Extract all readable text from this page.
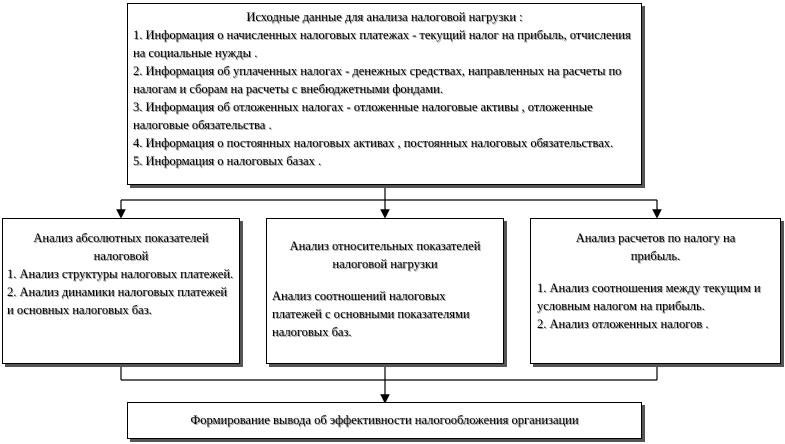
Исходные данные для анализа налоговой нагрузки :

1. Информация о начисленных налоговых платежах - текущий налог на прибыль, отчисления на социальные нужды .

2. Информация об уплаченных налогах - денежных средствах, направленных на расчеты по налогам и сборам на расчеты с внебюджетными фондами.

3. Информация об отложенных налогах - отложенные налоговые активы , отложенные налоговые обязательства .

4. Информация о постоянных налоговых активах , постоянных налоговых обязательствах.

5. Информация о налоговых базах .

Анализ абсолютных показателей налоговой

1. Анализ структуры налоговых платежей.

2. Анализ динамики налоговых платежей и основных налоговых баз.

Анализ относительных показателей налоговой нагрузки

Анализ соотношений налоговых платежей с основными показателями налоговых баз.

Анализ расчетов по налогу на прибыль.

1. Анализ соотношения между текущим и условным налогом на прибыль.

2. Анализ отложенных налогов .

Формирование вывода об эффективности налогообложения организации
